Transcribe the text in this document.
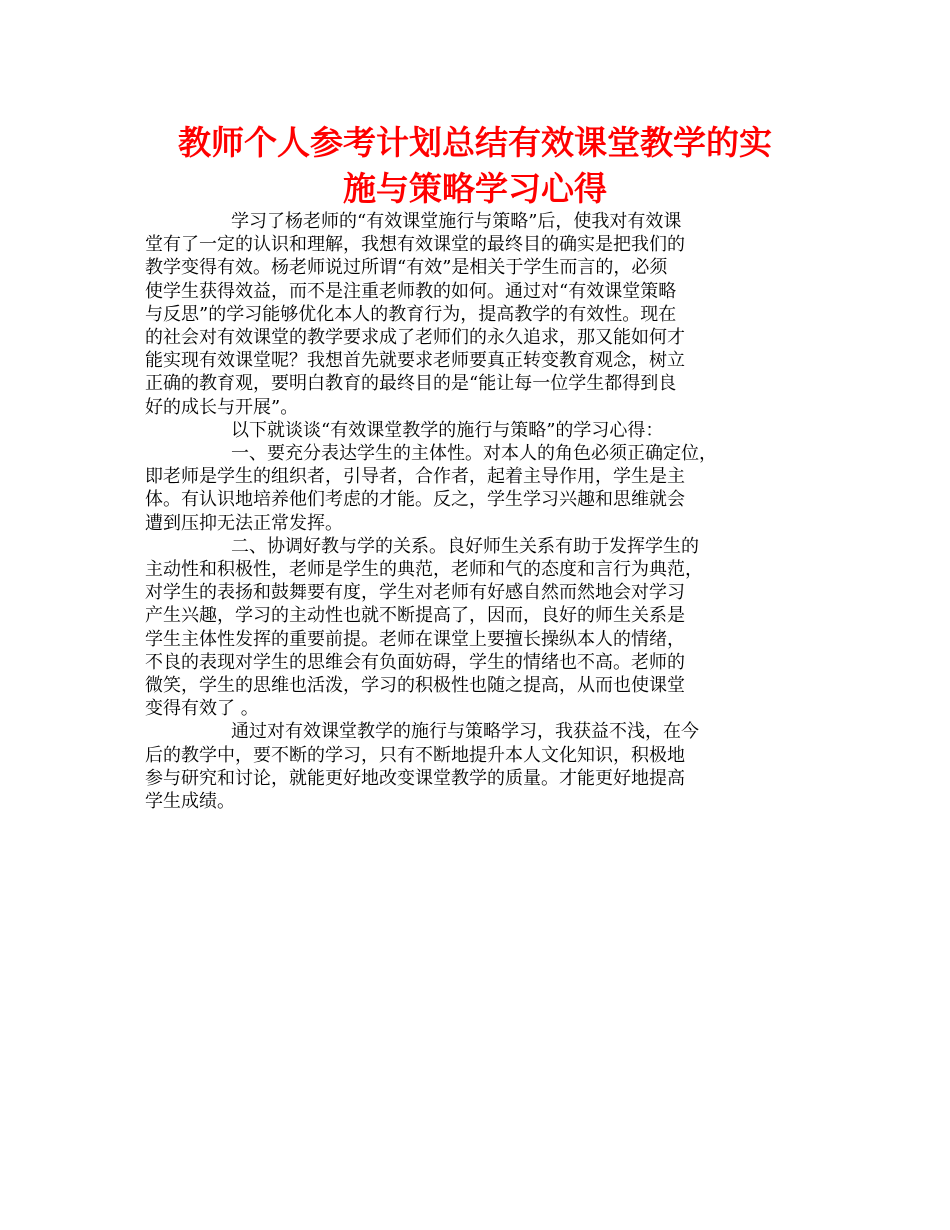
教师个人参考计划总结有效课堂教学的实
施与策略学习心得

学习了杨老师的“有效课堂施行与策略”后，使我对有效课
堂有了一定的认识和理解，我想有效课堂的最终目的确实是把我们的
教学变得有效。杨老师说过所谓“有效”是相关于学生而言的，必须
使学生获得效益，而不是注重老师教的如何。通过对“有效课堂策略
与反思”的学习能够优化本人的教育行为，提高教学的有效性。现在
的社会对有效课堂的教学要求成了老师们的永久追求，那又能如何才
能实现有效课堂呢？我想首先就要求老师要真正转变教育观念，树立
正确的教育观，要明白教育的最终目的是“能让每一位学生都得到良
好的成长与开展”。

以下就谈谈“有效课堂教学的施行与策略”的学习心得：

一、要充分表达学生的主体性。对本人的角色必须正确定位，
即老师是学生的组织者，引导者，合作者，起着主导作用，学生是主
体。有认识地培养他们考虑的才能。反之，学生学习兴趣和思维就会
遭到压抑无法正常发挥。

二、协调好教与学的关系。良好师生关系有助于发挥学生的
主动性和积极性，老师是学生的典范，老师和气的态度和言行为典范，
对学生的表扬和鼓舞要有度，学生对老师有好感自然而然地会对学习
产生兴趣，学习的主动性也就不断提高了，因而，良好的师生关系是
学生主体性发挥的重要前提。老师在课堂上要擅长操纵本人的情绪，
不良的表现对学生的思维会有负面妨碍，学生的情绪也不高。老师的
微笑，学生的思维也活泼，学习的积极性也随之提高，从而也使课堂
变得有效了 。

通过对有效课堂教学的施行与策略学习，我获益不浅，在今
后的教学中，要不断的学习，只有不断地提升本人文化知识，积极地
参与研究和讨论，就能更好地改变课堂教学的质量。才能更好地提高
学生成绩。
